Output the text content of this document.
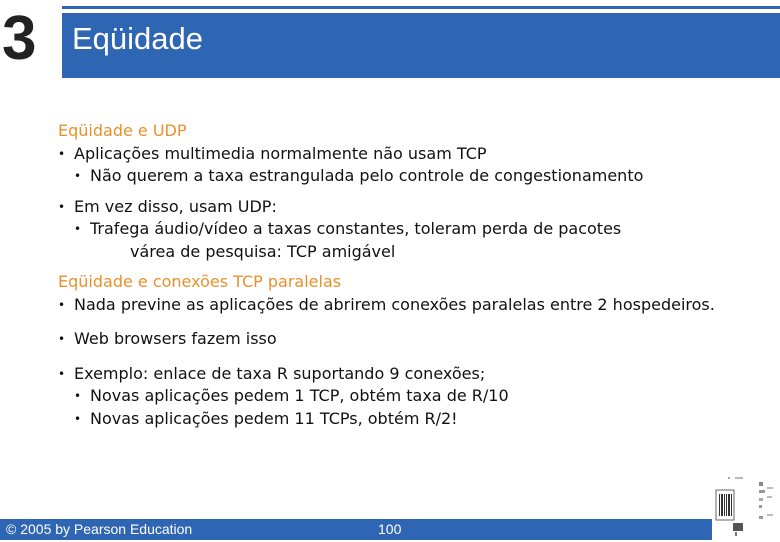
3 Eqüidade
Eqüidade e UDP
• Aplicações multimedia normalmente não usam TCP
• Não querem a taxa estrangulada pelo controle de congestionamento
• Em vez disso, usam UDP:
• Trafega áudio/vídeo a taxas constantes, toleram perda de pacotes
várea de pesquisa: TCP amigável
Eqüidade e conexões TCP paralelas
• Nada previne as aplicações de abrirem conexões paralelas entre 2 hospedeiros.
• Web browsers fazem isso
• Exemplo: enlace de taxa R suportando 9 conexões;
• Novas aplicações pedem 1 TCP, obtém taxa de R/10
• Novas aplicações pedem 11 TCPs, obtém R/2!
© 2005 by Pearson Education	100
